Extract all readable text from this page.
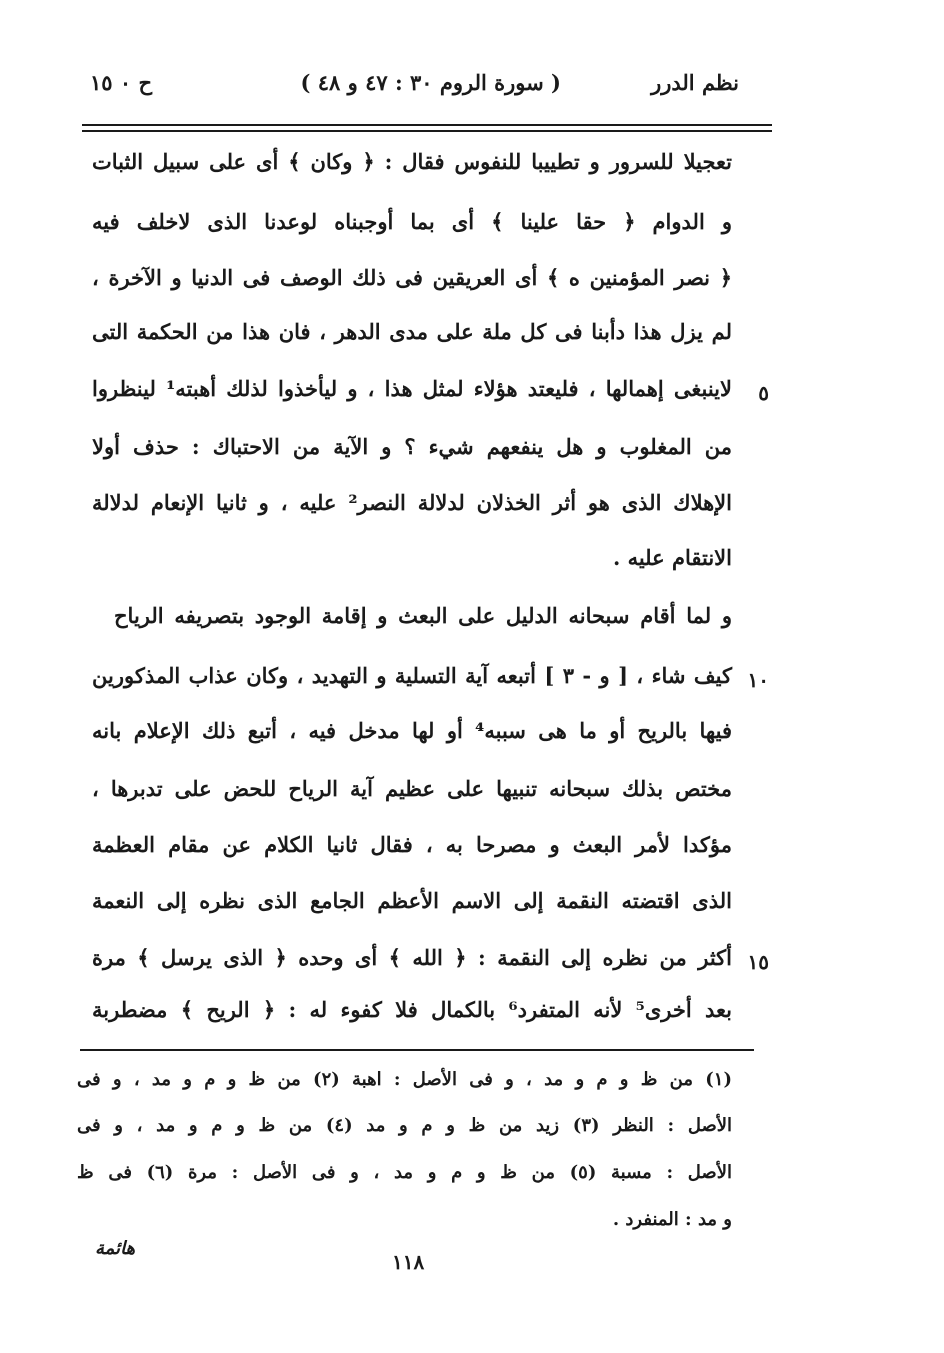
نظم الدرر
( سورة الروم ٣٠ : ٤٧ و ٤٨ )
ح ٠ ١٥
تعجيلا للسرور و تطييبا للنفوس فقال : ﴿ وكان ﴾ أى على سبيل الثبات
و الدوام ﴿ حقا علينا ﴾ أى بما أوجبناه لوعدنا الذى لاخلف فيه
﴿ نصر المؤمنين ه ﴾ أى العريقين فى ذلك الوصف فى الدنيا و الآخرة ،
لم يزل هذا دأبنا فى كل ملة على مدى الدهر ، فان هذا من الحكمة التى
لاينبغى إهمالها ، فليعتد هؤلاء لمثل هذا ، و ليأخذوا لذلك أهبته¹ لينظروا
من المغلوب و هل ينفعهم شيء ؟ و الآية من الاحتباك : حذف أولا
الإهلاك الذى هو أثر الخذلان لدلالة النصر² عليه ، و ثانيا الإنعام لدلالة
الانتقام عليه .
و لما أقام سبحانه الدليل على البعث و إقامة الوجود بتصريفه الرياح
كيف شاء ، [ و - ٣ ] أتبعه آية التسلية و التهديد ، وكان عذاب المذكورين
فيها بالريح أو ما هى سببه⁴ أو لها مدخل فيه ، أتبع ذلك الإعلام بانه
مختص بذلك سبحانه تنبيها على عظيم آية الرياح للحض على تدبرها ،
مؤكدا لأمر البعث و مصرحا به ، فقال ثانيا الكلام عن مقام العظمة
الذى اقتضته النقمة إلى الاسم الأعظم الجامع الذى نظره إلى النعمة
أكثر من نظره إلى النقمة : ﴿ الله ﴾ أى وحده ﴿ الذى يرسل ﴾ مرة
بعد أخرى⁵ لأنه المتفرد⁶ بالكمال فلا كفوء له : ﴿ الريح ﴾ مضطربة
٥
١٠
١٥
(١) من ظ و م و مد ، و فى الأصل : اهبة (٢) من ظ و م و مد ، و فى
الأصل : النظر (٣) زيد من ظ و م و مد (٤) من ظ و م و مد ، و فى
الأصل : مسبة (٥) من ظ و م و مد ، و فى الأصل : مرة (٦) فى ظ
و مد : المنفرد .
١١٨
هائمة
